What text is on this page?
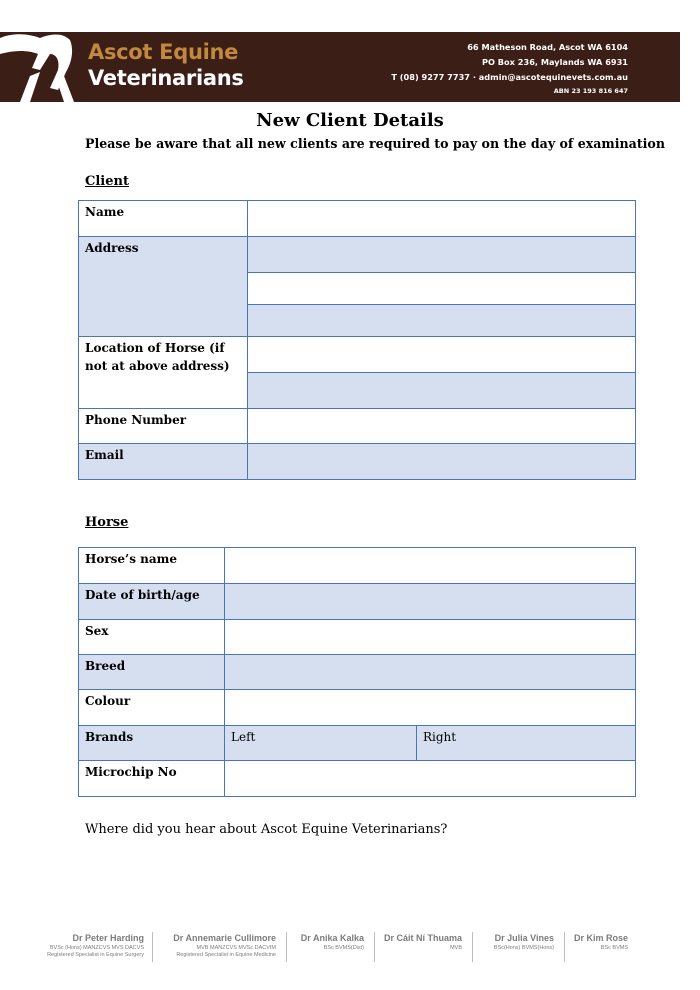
Ascot Equine
Veterinarians
66 Matheson Road, Ascot WA 6104
PO Box 236, Maylands WA 6931
T (08) 9277 7737 · admin@ascotequinevets.com.au
ABN 23 193 816 647
New Client Details
Please be aware that all new clients are required to pay on the day of examination
Client
Name
Address
Location of Horse (if not at above address)
Phone Number
Email
Horse
Horse’s name
Date of birth/age
Sex
Breed
Colour
Brands	Left	Right
Microchip No
Where did you hear about Ascot Equine Veterinarians?
Dr Peter Harding
BVSc (Hons) MANZCVS MVS DACVS
Registered Specialist in Equine Surgery
Dr Annemarie Cullimore
MVB MANZCVS MVSc DACVIM
Registered Specialist in Equine Medicine
Dr Anika Kalka
BSc BVMS(Dist)
Dr Cáit Ní Thuama
MVB
Dr Julia Vines
BSc(Hons) BVMS(Hons)
Dr Kim Rose
BSc BVMS
